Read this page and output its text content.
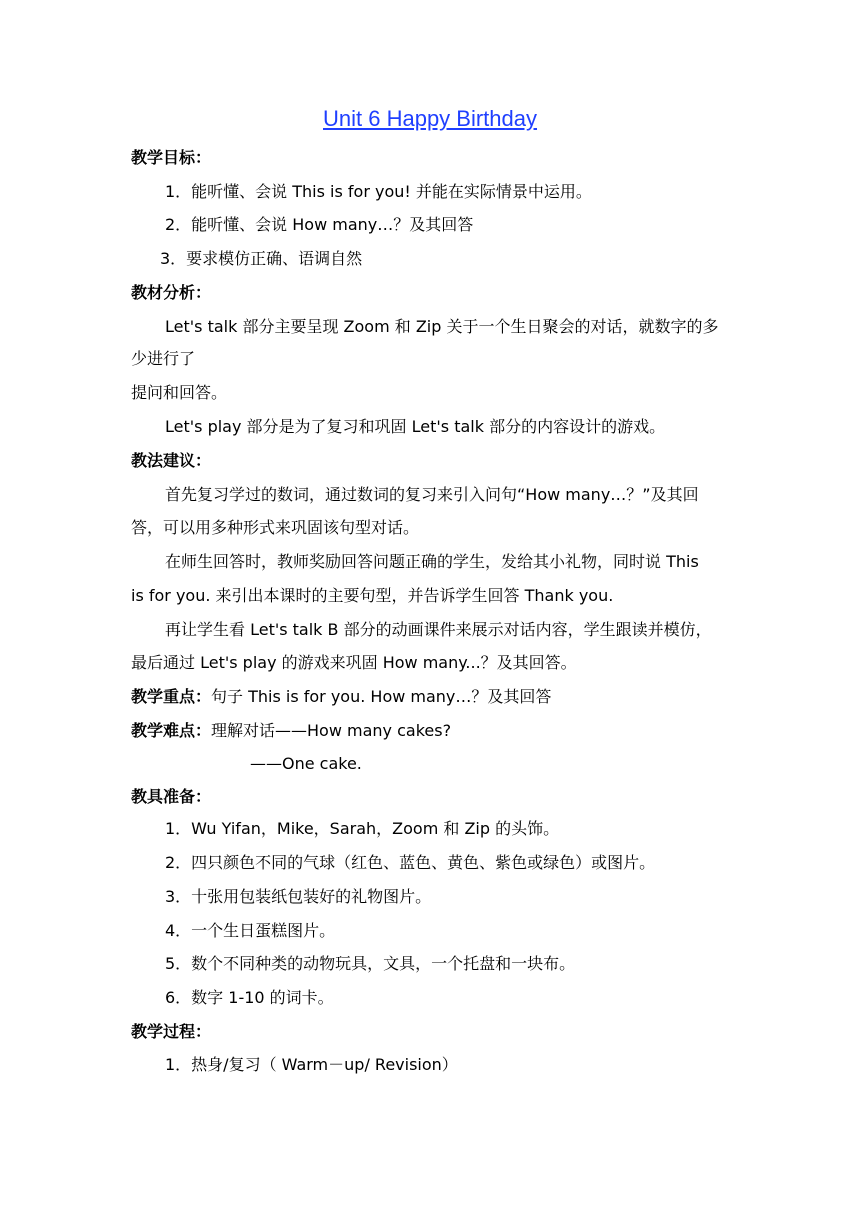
Unit 6 Happy Birthday
教学目标：
1．能听懂、会说 This is for you! 并能在实际情景中运用。
2．能听懂、会说 How many…？及其回答
3．要求模仿正确、语调自然
教材分析：
Let's talk 部分主要呈现 Zoom 和 Zip 关于一个生日聚会的对话，就数字的多
少进行了
提问和回答。
Let's play 部分是为了复习和巩固 Let's talk 部分的内容设计的游戏。
教法建议：
首先复习学过的数词，通过数词的复习来引入问句“How many…？”及其回
答，可以用多种形式来巩固该句型对话。
在师生回答时，教师奖励回答问题正确的学生，发给其小礼物，同时说 This
is for you. 来引出本课时的主要句型，并告诉学生回答 Thank you.
再让学生看 Let's talk B 部分的动画课件来展示对话内容，学生跟读并模仿，
最后通过 Let's play 的游戏来巩固 How many...？及其回答。
教学重点：句子 This is for you. How many…？及其回答
教学难点：理解对话——How many cakes?
——One cake.
教具准备：
1．Wu Yifan，Mike，Sarah，Zoom 和 Zip 的头饰。
2．四只颜色不同的气球（红色、蓝色、黄色、紫色或绿色）或图片。
3．十张用包装纸包装好的礼物图片。
4．一个生日蛋糕图片。
5．数个不同种类的动物玩具，文具，一个托盘和一块布。
6．数字 1-10 的词卡。
教学过程：
1．热身/复习（ Warm－up/ Revision）
